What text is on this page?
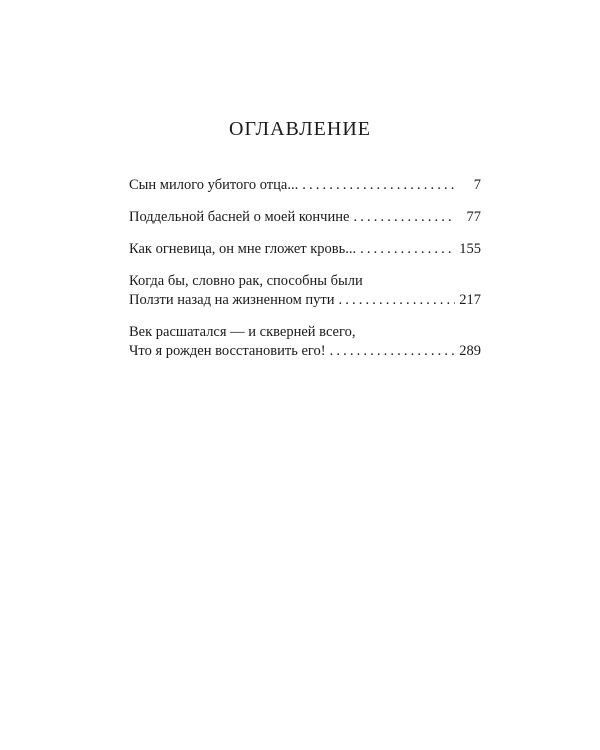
ОГЛАВЛЕНИЕ
Сын милого убитого отца... . . .	7
Поддельной басней о моей кончине . . .	77
Как огневица, он мне гложет кровь... . . .	155
Когда бы, словно рак, способны были
Ползти назад на жизненном пути . . .	217
Век расшатался — и скверней всего,
Что я рожден восстановить его! . . .	289
